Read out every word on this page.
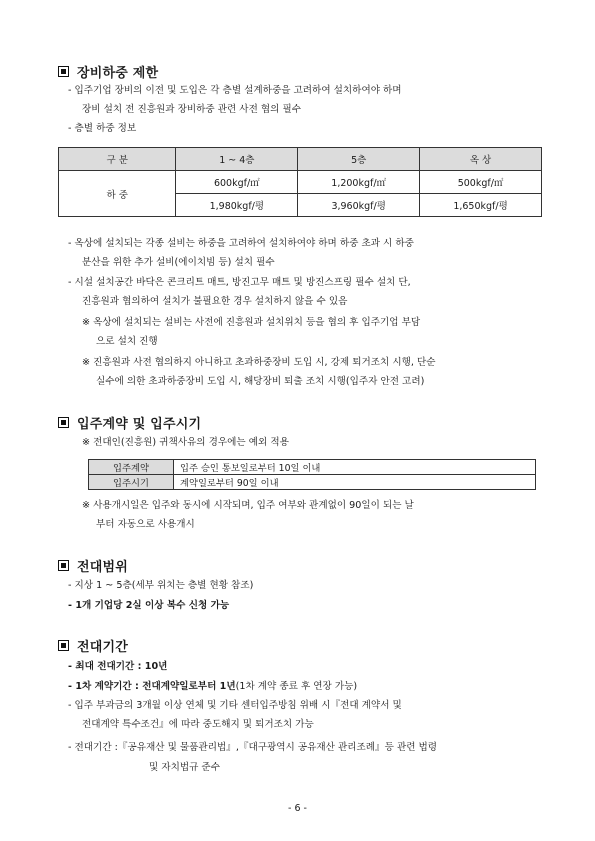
장비하중 제한
- 입주기업 장비의 이전 및 도입은 각 층별 설계하중을 고려하여 설치하여야 하며
장비 설치 전 진흥원과 장비하중 관련 사전 협의 필수
- 층별 하중 정보
구 분	1 ~ 4층	5층	옥 상
하 중	600kgf/㎡	1,200kgf/㎡	500kgf/㎡
	1,980kgf/평	3,960kgf/평	1,650kgf/평
- 옥상에 설치되는 각종 설비는 하중을 고려하여 설치하여야 하며 하중 초과 시 하중
분산을 위한 추가 설비(에이치빔 등) 설치 필수
- 시설 설치공간 바닥은 콘크리트 매트, 방진고무 매트 및 방진스프링 필수 설치 단,
진흥원과 협의하여 설치가 불필요한 경우 설치하지 않을 수 있음
※ 옥상에 설치되는 설비는 사전에 진흥원과 설치위치 등을 협의 후 입주기업 부담
으로 설치 진행
※ 진흥원과 사전 협의하지 아니하고 초과하중장비 도입 시, 강제 퇴거조치 시행, 단순
실수에 의한 초과하중장비 도입 시, 해당장비 퇴출 조치 시행(입주자 안전 고려)
입주계약 및 입주시기
※ 전대인(진흥원) 귀책사유의 경우에는 예외 적용
입주계약	입주 승인 통보일로부터 10일 이내
입주시기	계약일로부터 90일 이내
※ 사용개시일은 입주와 동시에 시작되며, 입주 여부와 관계없이 90일이 되는 날
부터 자동으로 사용개시
전대범위
- 지상 1 ~ 5층(세부 위치는 층별 현황 참조)
- 1개 기업당 2실 이상 복수 신청 가능
전대기간
- 최대 전대기간 : 10년
- 1차 계약기간 : 전대계약일로부터 1년(1차 계약 종료 후 연장 가능)
- 입주 부과금의 3개월 이상 연체 및 기타 센터입주방침 위배 시『전대 계약서 및
전대계약 특수조건』에 따라 중도해지 및 퇴거조치 가능
- 전대기간 :『공유재산 및 물품관리법』,『대구광역시 공유재산 관리조례』등 관련 법령
및 자치법규 준수
- 6 -
